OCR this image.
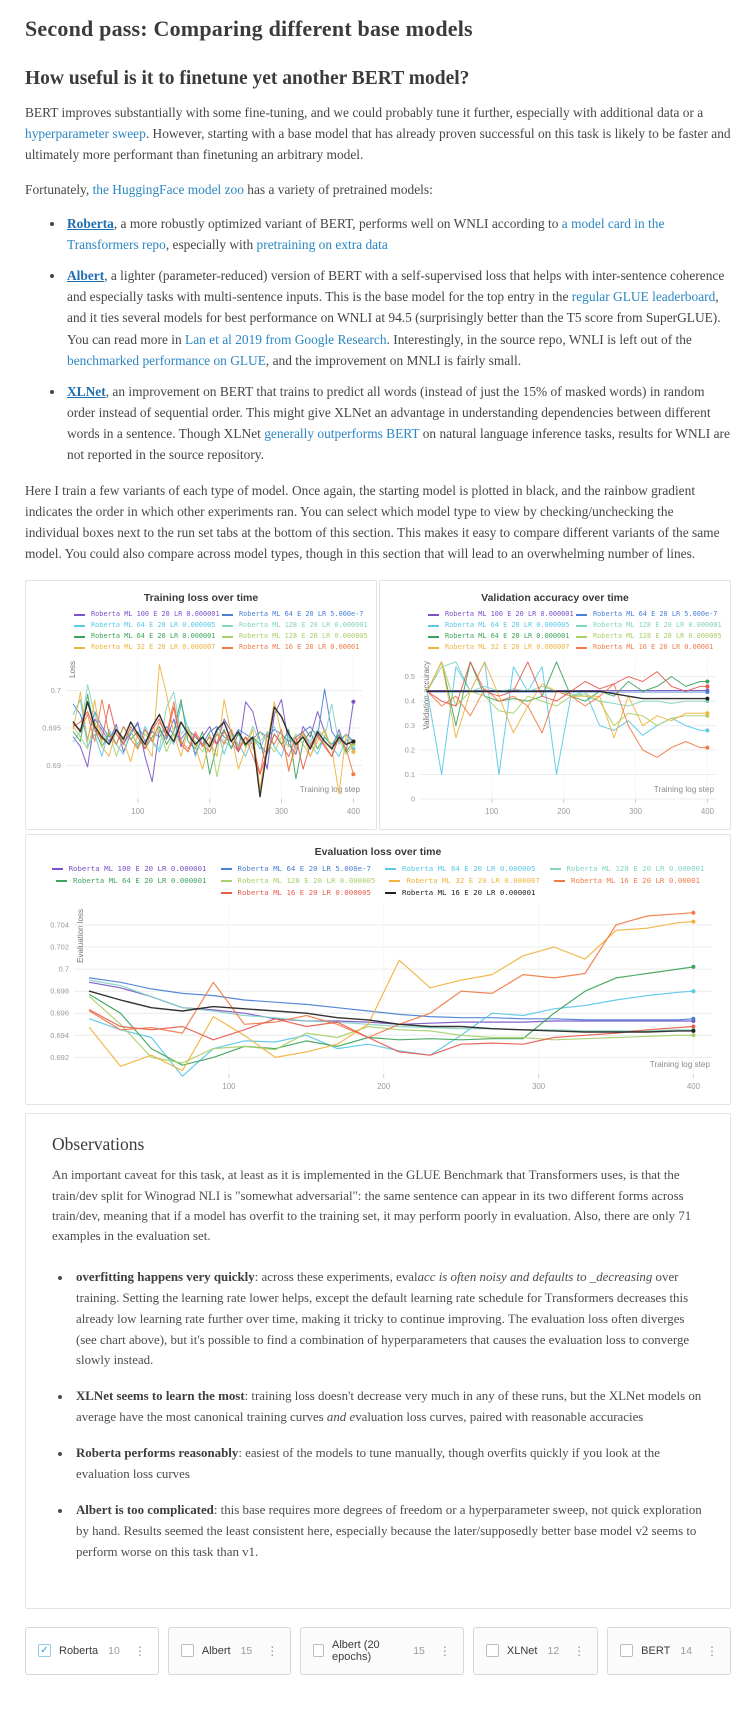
Second pass: Comparing different base models
How useful is it to finetune yet another BERT model?

BERT improves substantially with some fine-tuning, and we could probably tune it further, especially with additional data or a hyperparameter sweep. However, starting with a base model that has already proven successful on this task is likely to be faster and ultimately more performant than finetuning an arbitrary model.

Fortunately, the HuggingFace model zoo has a variety of pretrained models:

• Roberta, a more robustly optimized variant of BERT, performs well on WNLI according to a model card in the Transformers repo, especially with pretraining on extra data
• Albert, a lighter (parameter-reduced) version of BERT with a self-supervised loss that helps with inter-sentence coherence and especially tasks with multi-sentence inputs. This is the base model for the top entry in the regular GLUE leaderboard, and it ties several models for best performance on WNLI at 94.5 (surprisingly better than the T5 score from SuperGLUE). You can read more in Lan et al 2019 from Google Research. Interestingly, in the source repo, WNLI is left out of the benchmarked performance on GLUE, and the improvement on MNLI is fairly small.
• XLNet, an improvement on BERT that trains to predict all words (instead of just the 15% of masked words) in random order instead of sequential order. This might give XLNet an advantage in understanding dependencies between different words in a sentence. Though XLNet generally outperforms BERT on natural language inference tasks, results for WNLI are not reported in the source repository.

Here I train a few variants of each type of model. Once again, the starting model is plotted in black, and the rainbow gradient indicates the order in which other experiments ran. You can select which model type to view by checking/unchecking the individual boxes next to the run set tabs at the bottom of this section. This makes it easy to compare different variants of the same model. You could also compare across model types, though in this section that will lead to an overwhelming number of lines.

Training loss over time
Roberta ML 100 E 20 LR 0.000001	Roberta ML 64 E 20 LR 5.000e-7
Roberta ML 64 E 20 LR 0.000005	Roberta ML 128 E 20 LR 0.000001
Roberta ML 64 E 20 LR 0.000001	Roberta ML 128 E 20 LR 0.000005
Roberta ML 32 E 20 LR 0.000007	Roberta ML 16 E 20 LR 0.00001
0.69
0.695
0.7
100	200	300	400
Training log step
Loss
Validation accuracy over time
Roberta ML 100 E 20 LR 0.000001	Roberta ML 64 E 20 LR 5.000e-7
Roberta ML 64 E 20 LR 0.000005	Roberta ML 128 E 20 LR 0.000001
Roberta ML 64 E 20 LR 0.000001	Roberta ML 128 E 20 LR 0.000005
Roberta ML 32 E 20 LR 0.000007	Roberta ML 16 E 20 LR 0.00001
0
0.1
0.2
0.3
0.4
0.5
100	200	300	400
Training log step
Validation accuracy
Evaluation loss over time
Roberta ML 100 E 20 LR 0.000001	Roberta ML 64 E 20 LR 5.000e-7	Roberta ML 64 E 20 LR 0.000005	Roberta ML 128 E 20 LR 0.000001
Roberta ML 64 E 20 LR 0.000001	Roberta ML 128 E 20 LR 0.000005	Roberta ML 32 E 20 LR 0.000007	Roberta ML 16 E 20 LR 0.00001
Roberta ML 16 E 20 LR 0.000005	Roberta ML 16 E 20 LR 0.000001
0.692
0.694
0.696
0.698
0.7
0.702
0.704
100	200	300	400
Training log step
Evaluation loss
Observations

An important caveat for this task, at least as it is implemented in the GLUE Benchmark that Transformers uses, is that the train/dev split for Winograd NLI is "somewhat adversarial": the same sentence can appear in its two different forms across train/dev, meaning that if a model has overfit to the training set, it may perform poorly in evaluation. Also, there are only 71 examples in the evaluation set.

• overfitting happens very quickly: across these experiments, evalacc is often noisy and defaults to _decreasing over training. Setting the learning rate lower helps, except the default learning rate schedule for Transformers decreases this already low learning rate further over time, making it tricky to continue improving. The evaluation loss often diverges (see chart above), but it's possible to find a combination of hyperparameters that causes the evaluation loss to converge slowly instead.
• XLNet seems to learn the most: training loss doesn't decrease very much in any of these runs, but the XLNet models on average have the most canonical training curves and evaluation loss curves, paired with reasonable accuracies
• Roberta performs reasonably: easiest of the models to tune manually, though overfits quickly if you look at the evaluation loss curves
• Albert is too complicated: this base requires more degrees of freedom or a hyperparameter sweep, not quick exploration by hand. Results seemed the least consistent here, especially because the later/supposedly better base model v2 seems to perform worse on this task than v1.
✓ Roberta 10 ⋮	Albert 15 ⋮	Albert (20 epochs)	15 ⋮	XLNet 12 ⋮	BERT 14 ⋮
